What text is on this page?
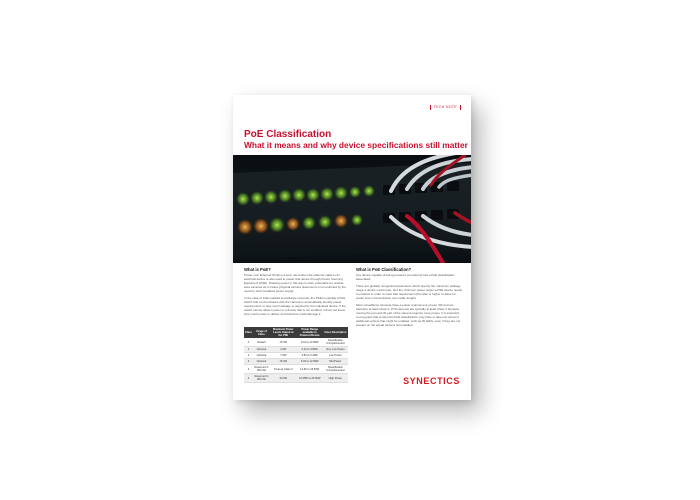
TECH NOTE
PoE Classification
What it means and why device specifications still matter
What is PoE?

Power over Ethernet (PoE) is a term used when the ethernet cable to an electrical device is also used to power that device through Power Sourcing Equipment (PSE). Drawing power in this way is often preferable for outside area cameras as it means physical camera placement is not restricted by the need for short localised power supply.

In the case of PoE enabled surveillance cameras, the PSE is typically a PoE switch that communicates with the camera to automatically identify power requirements or how much wattage is required by the individual device. If the switch cannot deliver power to a device that is not enabled, it does not know how much power to deliver and therefore could damage it.

Class	Usage of Class	Maximum Power Levels Output at the PSE	Power Range available to Powered Device	Class Description
0	Default	15.4W	0.44 to 12.95W	Classification Unimplemented
1	Optional	4.0W	0.44 to 3.84W	Very Low Power
2	Optional	7.0W	3.84 to 6.49W	Low Power
3	Optional	15.4W	6.49 to 12.95W	Mid Power
4	Reserved in 802.3af	Treat as Class 0	12.95 to 25.50W	Classification Unimplemented
4	Reserved in 802.3at	30.0W	12.95W to 25.50W	High Power
What is PoE Classification?

Any device capable of being powered via ethernet has a PoE classification associated.

There are globally recognised parameters which specify the maximum wattage range a device could need, and the minimum power output a PSE device needs to produce in order to meet that requirement (the latter is higher to allow for power loss in transmission over cable length).

Most surveillance cameras have a power requirement of over 4W and are therefore at least Class 0. PTZ cameras are typically at least Class 4 because moving the pan and tilt part of the camera requires more power. It is important to recognise that a camera's PoE classification may have to take into account additional options that might be enabled, such as IR LEDs, even if they are not present on the actual camera unit installed.

SYNECTICS
